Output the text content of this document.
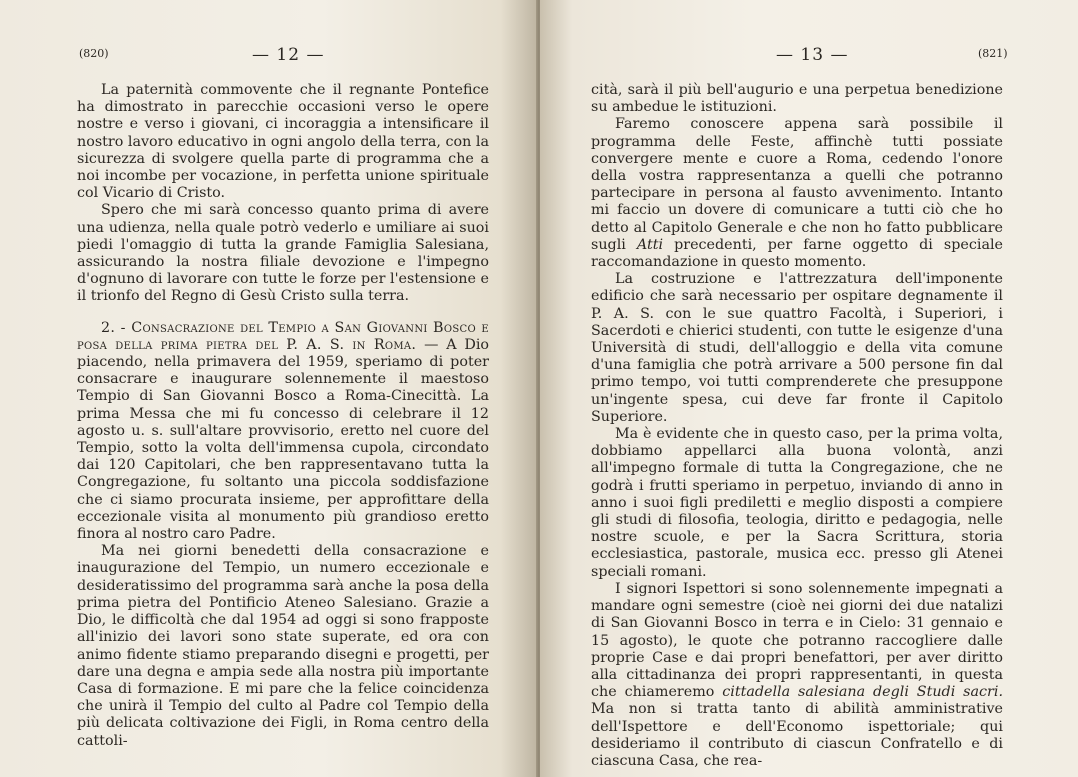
(820)	— 12 —

La paternità commovente che il regnante Pontefice ha dimostrato in parecchie occasioni verso le opere nostre e verso i giovani, ci incoraggia a intensificare il nostro lavoro educativo in ogni angolo della terra, con la sicurezza di svolgere quella parte di programma che a noi incombe per vocazione, in perfetta unione spirituale col Vicario di Cristo.

Spero che mi sarà concesso quanto prima di avere una udienza, nella quale potrò vederlo e umiliare ai suoi piedi l'omaggio di tutta la grande Famiglia Salesiana, assicurando la nostra filiale devozione e l'impegno d'ognuno di lavorare con tutte le forze per l'estensione e il trionfo del Regno di Gesù Cristo sulla terra.

2. - Consacrazione del Tempio a San Giovanni Bosco e posa della prima pietra del P. A. S. in Roma. — A Dio piacendo, nella primavera del 1959, speriamo di poter consacrare e inaugurare solennemente il maestoso Tempio di San Giovanni Bosco a Roma-Cinecittà. La prima Messa che mi fu concesso di celebrare il 12 agosto u. s. sull'altare provvisorio, eretto nel cuore del Tempio, sotto la volta dell'immensa cupola, circondato dai 120 Capitolari, che ben rappresentavano tutta la Congregazione, fu soltanto una piccola soddisfazione che ci siamo procurata insieme, per approfittare della eccezionale visita al monumento più grandioso eretto finora al nostro caro Padre.

Ma nei giorni benedetti della consacrazione e inaugurazione del Tempio, un numero eccezionale e desideratissimo del programma sarà anche la posa della prima pietra del Pontificio Ateneo Salesiano. Grazie a Dio, le difficoltà che dal 1954 ad oggi si sono frapposte all'inizio dei lavori sono state superate, ed ora con animo fidente stiamo preparando disegni e progetti, per dare una degna e ampia sede alla nostra più importante Casa di formazione. E mi pare che la felice coincidenza che unirà il Tempio del culto al Padre col Tempio della più delicata coltivazione dei Figli, in Roma centro della cattoli-

— 13 —	(821)

cità, sarà il più bell'augurio e una perpetua benedizione su ambedue le istituzioni.

Faremo conoscere appena sarà possibile il programma delle Feste, affinchè tutti possiate convergere mente e cuore a Roma, cedendo l'onore della vostra rappresentanza a quelli che potranno partecipare in persona al fausto avvenimento. Intanto mi faccio un dovere di comunicare a tutti ciò che ho detto al Capitolo Generale e che non ho fatto pubblicare sugli Atti precedenti, per farne oggetto di speciale raccomandazione in questo momento.

La costruzione e l'attrezzatura dell'imponente edificio che sarà necessario per ospitare degnamente il P. A. S. con le sue quattro Facoltà, i Superiori, i Sacerdoti e chierici studenti, con tutte le esigenze d'una Università di studi, dell'alloggio e della vita comune d'una famiglia che potrà arrivare a 500 persone fin dal primo tempo, voi tutti comprenderete che presuppone un'ingente spesa, cui deve far fronte il Capitolo Superiore.

Ma è evidente che in questo caso, per la prima volta, dobbiamo appellarci alla buona volontà, anzi all'impegno formale di tutta la Congregazione, che ne godrà i frutti speriamo in perpetuo, inviando di anno in anno i suoi figli prediletti e meglio disposti a compiere gli studi di filosofia, teologia, diritto e pedagogia, nelle nostre scuole, e per la Sacra Scrittura, storia ecclesiastica, pastorale, musica ecc. presso gli Atenei speciali romani.

I signori Ispettori si sono solennemente impegnati a mandare ogni semestre (cioè nei giorni dei due natalizi di San Giovanni Bosco in terra e in Cielo: 31 gennaio e 15 agosto), le quote che potranno raccogliere dalle proprie Case e dai propri benefattori, per aver diritto alla cittadinanza dei propri rappresentanti, in questa che chiameremo cittadella salesiana degli Studi sacri. Ma non si tratta tanto di abilità amministrative dell'Ispettore e dell'Economo ispettoriale; qui desideriamo il contributo di ciascun Confratello e di ciascuna Casa, che rea-
